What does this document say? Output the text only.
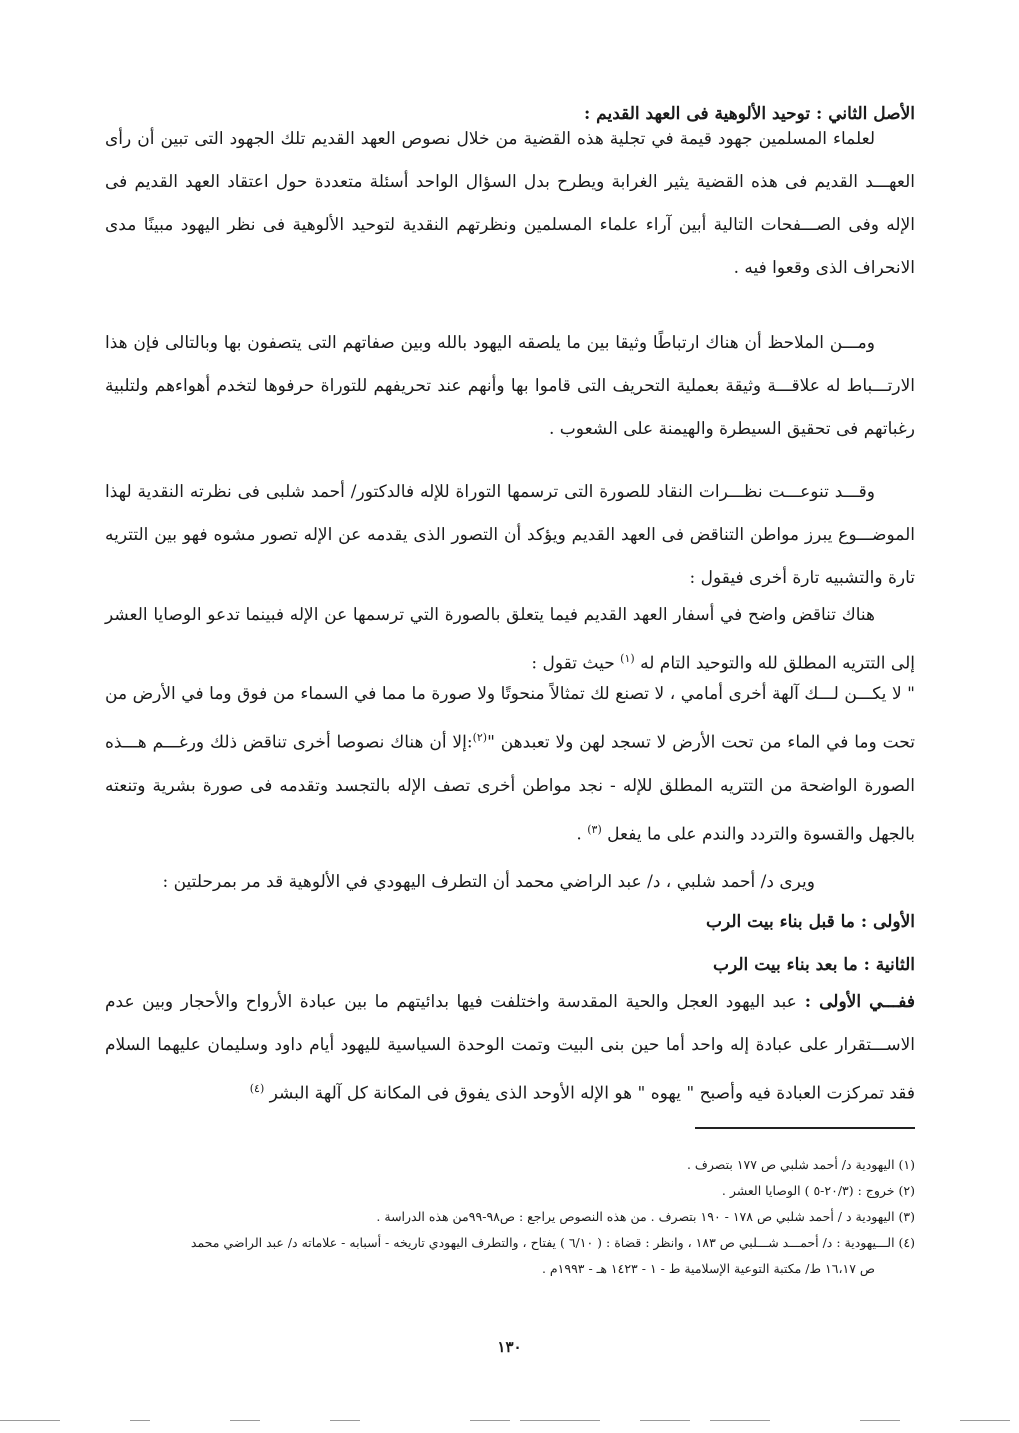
الأصل الثاني : توحيد الألوهية فى العهد القديم :

لعلماء المسلمين جهود قيمة في تجلية هذه القضية من خلال نصوص العهد القديم تلك الجهود التى تبين أن رأى العهـــد القديم فى هذه القضية يثير الغرابة ويطرح بدل السؤال الواحد أسئلة متعددة حول اعتقاد العهد القديم فى الإله وفى الصـــفحات التالية أبين آراء علماء المسلمين ونظرتهم النقدية لتوحيد الألوهية فى نظر اليهود مبينًا مدى الانحراف الذى وقعوا فيه .

ومـــن الملاحظ أن هناك ارتباطًا وثيقا بين ما يلصقه اليهود بالله وبين صفاتهم التى يتصفون بها وبالتالى فإن هذا الارتـــباط له علاقـــة وثيقة بعملية التحريف التى قاموا بها وأنهم عند تحريفهم للتوراة حرفوها لتخدم أهواءهم ولتلبية رغباتهم فى تحقيق السيطرة والهيمنة على الشعوب .

وقـــد تنوعـــت نظـــرات النقاد للصورة التى ترسمها التوراة للإله فالدكتور/ أحمد شلبى فى نظرته النقدية لهذا الموضـــوع يبرز مواطن التناقض فى العهد القديم ويؤكد أن التصور الذى يقدمه عن الإله تصور مشوه فهو بين التتريه تارة والتشبيه تارة أخرى فيقول :

هناك تناقض واضح في أسفار العهد القديم فيما يتعلق بالصورة التي ترسمها عن الإله فبينما تدعو الوصايا العشر إلى التتريه المطلق لله والتوحيد التام له $^{(١)}$ حيث تقول :

" لا يكـــن لـــك آلهة أخرى أمامي ، لا تصنع لك تمثالاً منحوتًا ولا صورة ما مما في السماء من فوق وما في الأرض من تحت وما في الماء من تحت الأرض لا تسجد لهن ولا تعبدهن "$^{(٢)}$:إلا أن هناك نصوصا أخرى تناقض ذلك ورغـــم هـــذه الصورة الواضحة من التتريه المطلق للإله - نجد مواطن أخرى تصف الإله بالتجسد وتقدمه فى صورة بشرية وتنعته بالجهل والقسوة والتردد والندم على ما يفعل $^{(٣)}$ .

ويرى د/ أحمد شلبي ، د/ عبد الراضي محمد أن التطرف اليهودي في الألوهية قد مر بمرحلتين :

الأولى : ما قبل بناء بيت الرب
الثانية : ما بعد بناء بيت الرب

ففـــي الأولى : عبد اليهود العجل والحية المقدسة واختلفت فيها بدائيتهم ما بين عبادة الأرواح والأحجار وبين عدم الاســـتقرار على عبادة إله واحد أما حين بنى البيت وتمت الوحدة السياسية لليهود أيام داود وسليمان عليهما السلام فقد تمركزت العبادة فيه وأصبح " يهوه " هو الإله الأوحد الذى يفوق فى المكانة كل آلهة البشر $^{(٤)}$

(١) اليهودية د/ أحمد شلبي ص ١٧٧ بتصرف .

(٢) خروج : (٢٠/٣-٥ ) الوصايا العشر .

(٣) اليهودية د / أحمد شلبي ص ١٧٨ - ١٩٠ بتصرف . من هذه النصوص يراجع : ص٩٨-٩٩من هذه الدراسة .

(٤) الـــيهودية : د/ أحمـــد شـــلبي ص ١٨٣ ، وانظر : قضاة : ( ٦/١٠ ) يفتاح ، والتطرف اليهودي تاريخه - أسبابه - علاماته د/ عبد الراضي محمد

ص ١٦،١٧ ط/ مكتبة التوعية الإسلامية ط - ١ - ١٤٢٣ هـ - ١٩٩٣م .

١٣٠
